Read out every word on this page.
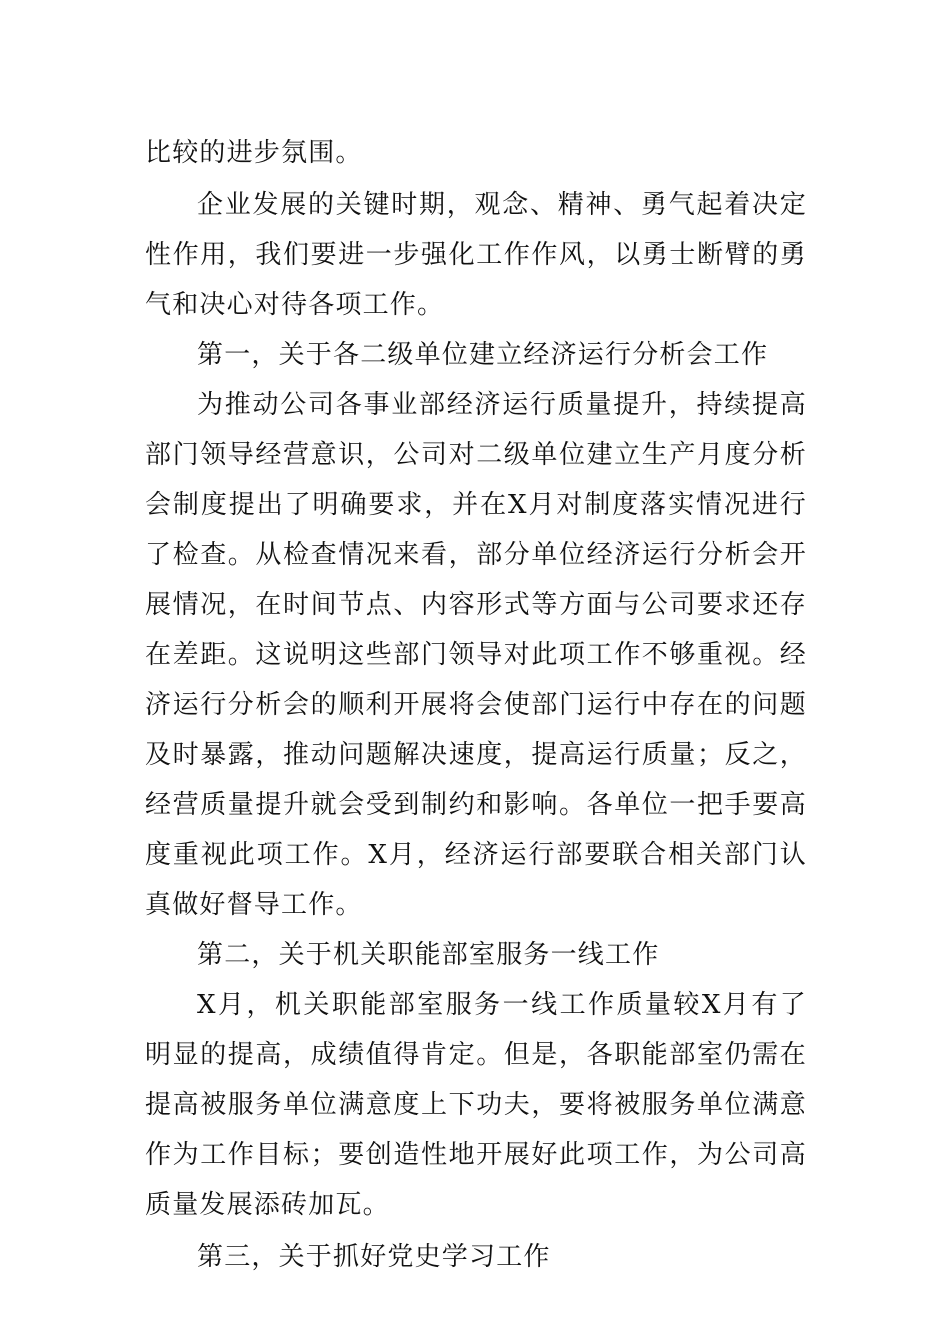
比较的进步氛围。

企业发展的关键时期，观念、精神、勇气起着决定性作用，我们要进一步强化工作作风，以勇士断臂的勇气和决心对待各项工作。

第一，关于各二级单位建立经济运行分析会工作

为推动公司各事业部经济运行质量提升，持续提高部门领导经营意识，公司对二级单位建立生产月度分析会制度提出了明确要求，并在X月对制度落实情况进行了检查。从检查情况来看，部分单位经济运行分析会开展情况，在时间节点、内容形式等方面与公司要求还存在差距。这说明这些部门领导对此项工作不够重视。经济运行分析会的顺利开展将会使部门运行中存在的问题及时暴露，推动问题解决速度，提高运行质量；反之，经营质量提升就会受到制约和影响。各单位一把手要高度重视此项工作。X月，经济运行部要联合相关部门认真做好督导工作。

第二，关于机关职能部室服务一线工作

X月，机关职能部室服务一线工作质量较X月有了明显的提高，成绩值得肯定。但是，各职能部室仍需在提高被服务单位满意度上下功夫，要将被服务单位满意作为工作目标；要创造性地开展好此项工作，为公司高质量发展添砖加瓦。

第三，关于抓好党史学习工作
